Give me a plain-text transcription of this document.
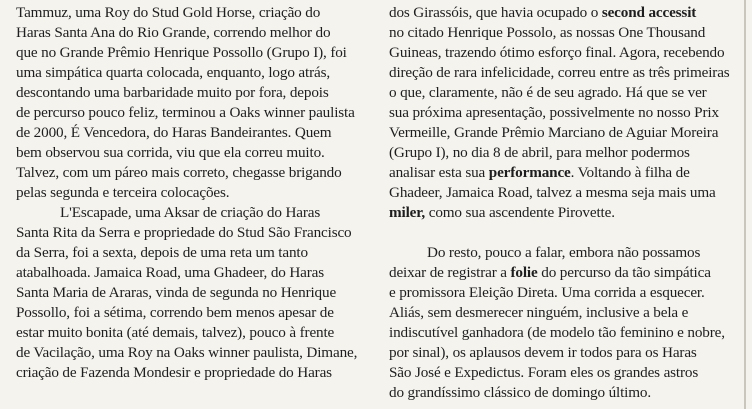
Tammuz, uma Roy do Stud Gold Horse, criação do
Haras Santa Ana do Rio Grande, correndo melhor do
que no Grande Prêmio Henrique Possollo (Grupo I), foi
uma simpática quarta colocada, enquanto, logo atrás,
descontando uma barbaridade muito por fora, depois
de percurso pouco feliz, terminou a Oaks winner paulista
de 2000, É Vencedora, do Haras Bandeirantes. Quem
bem observou sua corrida, viu que ela correu muito.
Talvez, com um páreo mais correto, chegasse brigando
pelas segunda e terceira colocações.
L'Escapade, uma Aksar de criação do Haras
Santa Rita da Serra e propriedade do Stud São Francisco
da Serra, foi a sexta, depois de uma reta um tanto
atabalhoada. Jamaica Road, uma Ghadeer, do Haras
Santa Maria de Araras, vinda de segunda no Henrique
Possollo, foi a sétima, correndo bem menos apesar de
estar muito bonita (até demais, talvez), pouco à frente
de Vacilação, uma Roy na Oaks winner paulista, Dimane,
criação de Fazenda Mondesir e propriedade do Haras
dos Girassóis, que havia ocupado o second accessit
no citado Henrique Possolo, as nossas One Thousand
Guineas, trazendo ótimo esforço final. Agora, recebendo
direção de rara infelicidade, correu entre as três primeiras
o que, claramente, não é de seu agrado. Há que se ver
sua próxima apresentação, possivelmente no nosso Prix
Vermeille, Grande Prêmio Marciano de Aguiar Moreira
(Grupo I), no dia 8 de abril, para melhor podermos
analisar esta sua performance. Voltando à filha de
Ghadeer, Jamaica Road, talvez a mesma seja mais uma
miler, como sua ascendente Pirovette.
Do resto, pouco a falar, embora não possamos
deixar de registrar a folie do percurso da tão simpática
e promissora Eleição Direta. Uma corrida a esquecer.
Aliás, sem desmerecer ninguém, inclusive a bela e
indiscutível ganhadora (de modelo tão feminino e nobre,
por sinal), os aplausos devem ir todos para os Haras
São José e Expedictus. Foram eles os grandes astros
do grandíssimo clássico de domingo último.
